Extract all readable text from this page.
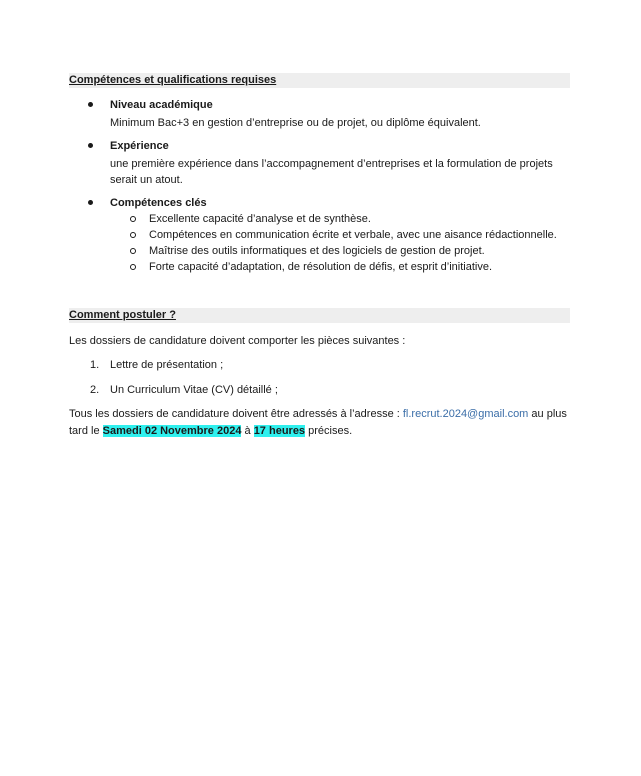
Compétences et qualifications requises
Niveau académique
Minimum Bac+3 en gestion d’entreprise ou de projet, ou diplôme équivalent.
Expérience
une première expérience dans l’accompagnement d’entreprises et la formulation de projets serait un atout.
Compétences clés
Excellente capacité d’analyse et de synthèse.
Compétences en communication écrite et verbale, avec une aisance rédactionnelle.
Maîtrise des outils informatiques et des logiciels de gestion de projet.
Forte capacité d’adaptation, de résolution de défis, et esprit d’initiative.
Comment postuler ?
Les dossiers de candidature doivent comporter les pièces suivantes :
1. Lettre de présentation ;
2. Un Curriculum Vitae (CV) détaillé ;
Tous les dossiers de candidature doivent être adressés à l’adresse : fl.recrut.2024@gmail.com au plus tard le Samedi 02 Novembre 2024 à 17 heures précises.
